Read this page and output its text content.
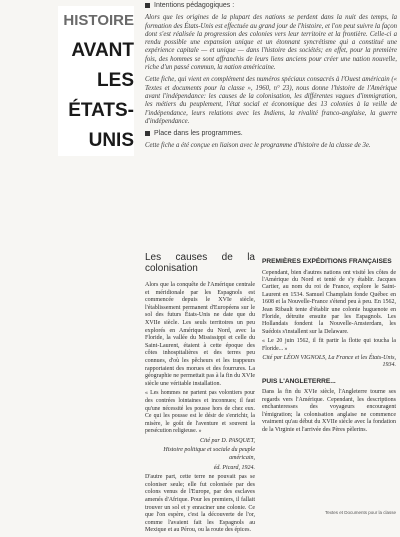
HISTOIRE
AVANT
LES
ÉTATS-UNIS

Intentions pédagogiques :

Alors que les origines de la plupart des nations se perdent dans la nuit des temps, la formation des États-Unis est effectuée au grand jour de l'histoire, et l'on peut suivre la façon dont s'est réalisée la progression des colonies vers leur territoire et la frontière. Celle-ci a rendu possible une expansion unique et un étonnant syncrétisme qui a constitué une expérience capitale — et unique — dans l'histoire des sociétés; en effet, pour la première fois, des hommes se sont affranchis de leurs liens anciens pour créer une nation nouvelle, riche d'un passé commun, la nation américaine.

Cette fiche, qui vient en complément des numéros spéciaux consacrés à l'Ouest américain (« Textes et documents pour la classe », 1960, n° 23), nous donne l'histoire de l'Amérique avant l'indépendance: les causes de la colonisation, les différentes vagues d'immigration, les métiers du peuplement, l'état social et économique des 13 colonies à la veille de l'indépendance, leurs relations avec les Indiens, la rivalité franco-anglaise, la guerre d'indépendance.

Place dans les programmes.

Cette fiche a été conçue en liaison avec le programme d'histoire de la classe de 3e.

Les causes de la colonisation

Alors que la conquête de l'Amérique centrale et méridionale par les Espagnols est commencée depuis le XVIe siècle, l'établissement permanent d'Européens sur le sol des futurs États-Unis ne date que du XVIIe siècle. Les seuls territoires un peu explorés en Amérique du Nord, avec la Floride, la vallée du Mississippi et celle du Saint-Laurent, étaient à cette époque des côtes inhospitalières et des terres peu connues, d'où les pêcheurs et les trappeurs rapportaient des morues et des fourrures. La géographie ne permettait pas à la fin du XVIe siècle une véritable installation.

« Les hommes ne partent pas volontiers pour des contrées lointaines et inconnues; il faut qu'une nécessité les pousse hors de chez eux. Ce qui les pousse est le désir de s'enrichir, la misère, le goût de l'aventure et souvent la persécution religieuse. »

Cité par D. PASQUET,

Histoire politique et sociale du peuple américain,

éd. Picard, 1924.

D'autre part, cette terre ne pouvait pas se coloniser seule; elle fut colonisée par des colons venus de l'Europe, par des esclaves amenés d'Afrique. Pour les premiers, il fallait trouver un sol et y enraciner une colonie. Ce que l'on espère, c'est la découverte de l'or, comme l'avaient fait les Espagnols au Mexique et au Pérou, ou la route des épices.

PREMIÈRES EXPÉDITIONS FRANÇAISES

Cependant, bien d'autres nations ont visité les côtes de l'Amérique du Nord et tenté de s'y établir. Jacques Cartier, au nom du roi de France, explore le Saint-Laurent en 1534. Samuel Champlain fonde Québec en 1608 et la Nouvelle-France s'étend peu à peu. En 1562, Jean Ribault tente d'établir une colonie huguenote en Floride, détruite ensuite par les Espagnols. Les Hollandais fondent la Nouvelle-Amsterdam, les Suédois s'installent sur la Delaware.

« Le 20 juin 1562, il fit partir la flotte qui toucha la Floride... »

Cité par LÉON VIGNOLS, La France et les États-Unis, 1934.

PUIS L'ANGLETERRE...

Dans la fin du XVIe siècle, l'Angleterre tourne ses regards vers l'Amérique. Cependant, les descriptions enchanteresses des voyageurs encouragent l'émigration; la colonisation anglaise ne commence vraiment qu'au début du XVIIe siècle avec la fondation de la Virginie et l'arrivée des Pères pèlerins.

Textes et Documents pour la classe
